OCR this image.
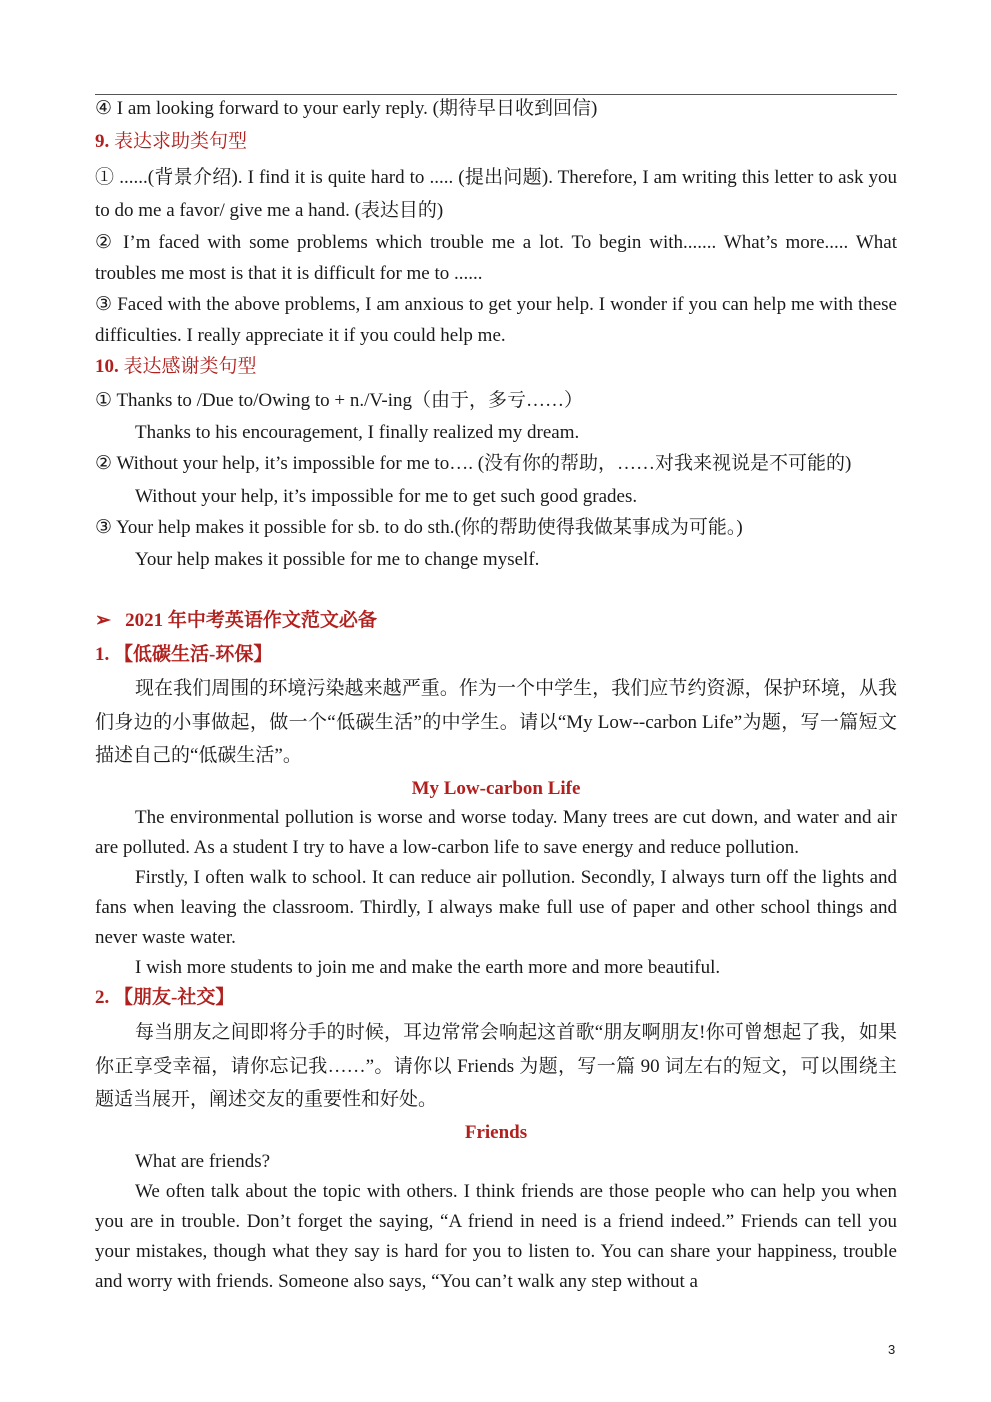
④ I am looking forward to your early reply. (期待早日收到回信)
9. 表达求助类句型
① ......(背景介绍). I find it is quite hard to ..... (提出问题). Therefore, I am writing this letter to ask you to do me a favor/ give me a hand. (表达目的)
② I’m faced with some problems which trouble me a lot. To begin with....... What’s more..... What troubles me most is that it is difficult for me to ......
③ Faced with the above problems, I am anxious to get your help. I wonder if you can help me with these difficulties. I really appreciate it if you could help me.
10. 表达感谢类句型
① Thanks to /Due to/Owing to + n./V-ing（由于，多亏……）
Thanks to his encouragement, I finally realized my dream.
② Without your help, it’s impossible for me to…. (没有你的帮助，……对我来视说是不可能的)
Without your help, it’s impossible for me to get such good grades.
③ Your help makes it possible for sb. to do sth.(你的帮助使得我做某事成为可能。)
Your help makes it possible for me to change myself.
➢ 2021 年中考英语作文范文必备
1. 【低碳生活-环保】
现在我们周围的环境污染越来越严重。作为一个中学生，我们应节约资源，保护环境，从我们身边的小事做起，做一个“低碳生活”的中学生。请以“My Low--carbon Life”为题，写一篇短文描述自己的“低碳生活”。
My Low-carbon Life
The environmental pollution is worse and worse today. Many trees are cut down, and water and air are polluted. As a student I try to have a low-carbon life to save energy and reduce pollution.
Firstly, I often walk to school. It can reduce air pollution. Secondly, I always turn off the lights and fans when leaving the classroom. Thirdly, I always make full use of paper and other school things and never waste water.
I wish more students to join me and make the earth more and more beautiful.
2. 【朋友-社交】
每当朋友之间即将分手的时候，耳边常常会响起这首歌“朋友啊朋友!你可曾想起了我，如果你正享受幸福，请你忘记我……”。请你以 Friends 为题，写一篇 90 词左右的短文，可以围绕主题适当展开，阐述交友的重要性和好处。
Friends
What are friends?
We often talk about the topic with others. I think friends are those people who can help you when you are in trouble. Don’t forget the saying, “A friend in need is a friend indeed.” Friends can tell you your mistakes, though what they say is hard for you to listen to. You can share your happiness, trouble and worry with friends. Someone also says, “You can’t walk any step without a
3
